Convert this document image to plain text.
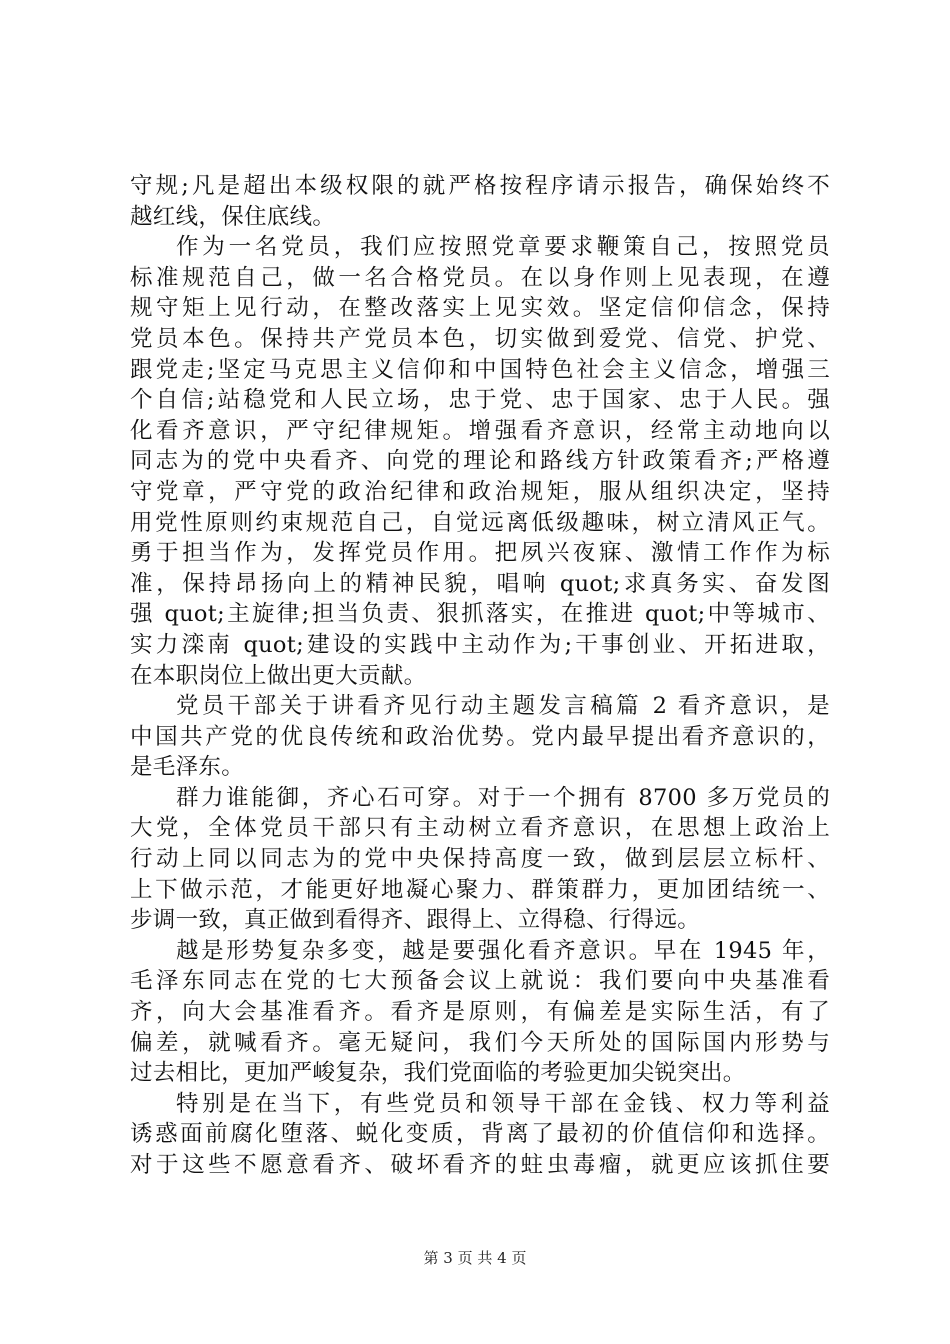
守规;凡是超出本级权限的就严格按程序请示报告，确保始终不
越红线，保住底线。
作为一名党员，我们应按照党章要求鞭策自己，按照党员
标准规范自己，做一名合格党员。在以身作则上见表现，在遵
规守矩上见行动，在整改落实上见实效。坚定信仰信念，保持
党员本色。保持共产党员本色，切实做到爱党、信党、护党、
跟党走;坚定马克思主义信仰和中国特色社会主义信念，增强三
个自信;站稳党和人民立场，忠于党、忠于国家、忠于人民。强
化看齐意识，严守纪律规矩。增强看齐意识，经常主动地向以
同志为的党中央看齐、向党的理论和路线方针政策看齐;严格遵
守党章，严守党的政治纪律和政治规矩，服从组织决定，坚持
用党性原则约束规范自己，自觉远离低级趣味，树立清风正气。
勇于担当作为，发挥党员作用。把夙兴夜寐、激情工作作为标
准，保持昂扬向上的精神民貌，唱响 quot;求真务实、奋发图
强 quot;主旋律;担当负责、狠抓落实，在推进 quot;中等城市、
实力滦南 quot;建设的实践中主动作为;干事创业、开拓进取，
在本职岗位上做出更大贡献。
党员干部关于讲看齐见行动主题发言稿篇 2 看齐意识，是
中国共产党的优良传统和政治优势。党内最早提出看齐意识的，
是毛泽东。
群力谁能御，齐心石可穿。对于一个拥有 8700 多万党员的
大党，全体党员干部只有主动树立看齐意识，在思想上政治上
行动上同以同志为的党中央保持高度一致，做到层层立标杆、
上下做示范，才能更好地凝心聚力、群策群力，更加团结统一、
步调一致，真正做到看得齐、跟得上、立得稳、行得远。
越是形势复杂多变，越是要强化看齐意识。早在 1945 年，
毛泽东同志在党的七大预备会议上就说：我们要向中央基准看
齐，向大会基准看齐。看齐是原则，有偏差是实际生活，有了
偏差，就喊看齐。毫无疑问，我们今天所处的国际国内形势与
过去相比，更加严峻复杂，我们党面临的考验更加尖锐突出。
特别是在当下，有些党员和领导干部在金钱、权力等利益
诱惑面前腐化堕落、蜕化变质，背离了最初的价值信仰和选择。
对于这些不愿意看齐、破坏看齐的蛀虫毒瘤，就更应该抓住要
第 3 页 共 4 页
